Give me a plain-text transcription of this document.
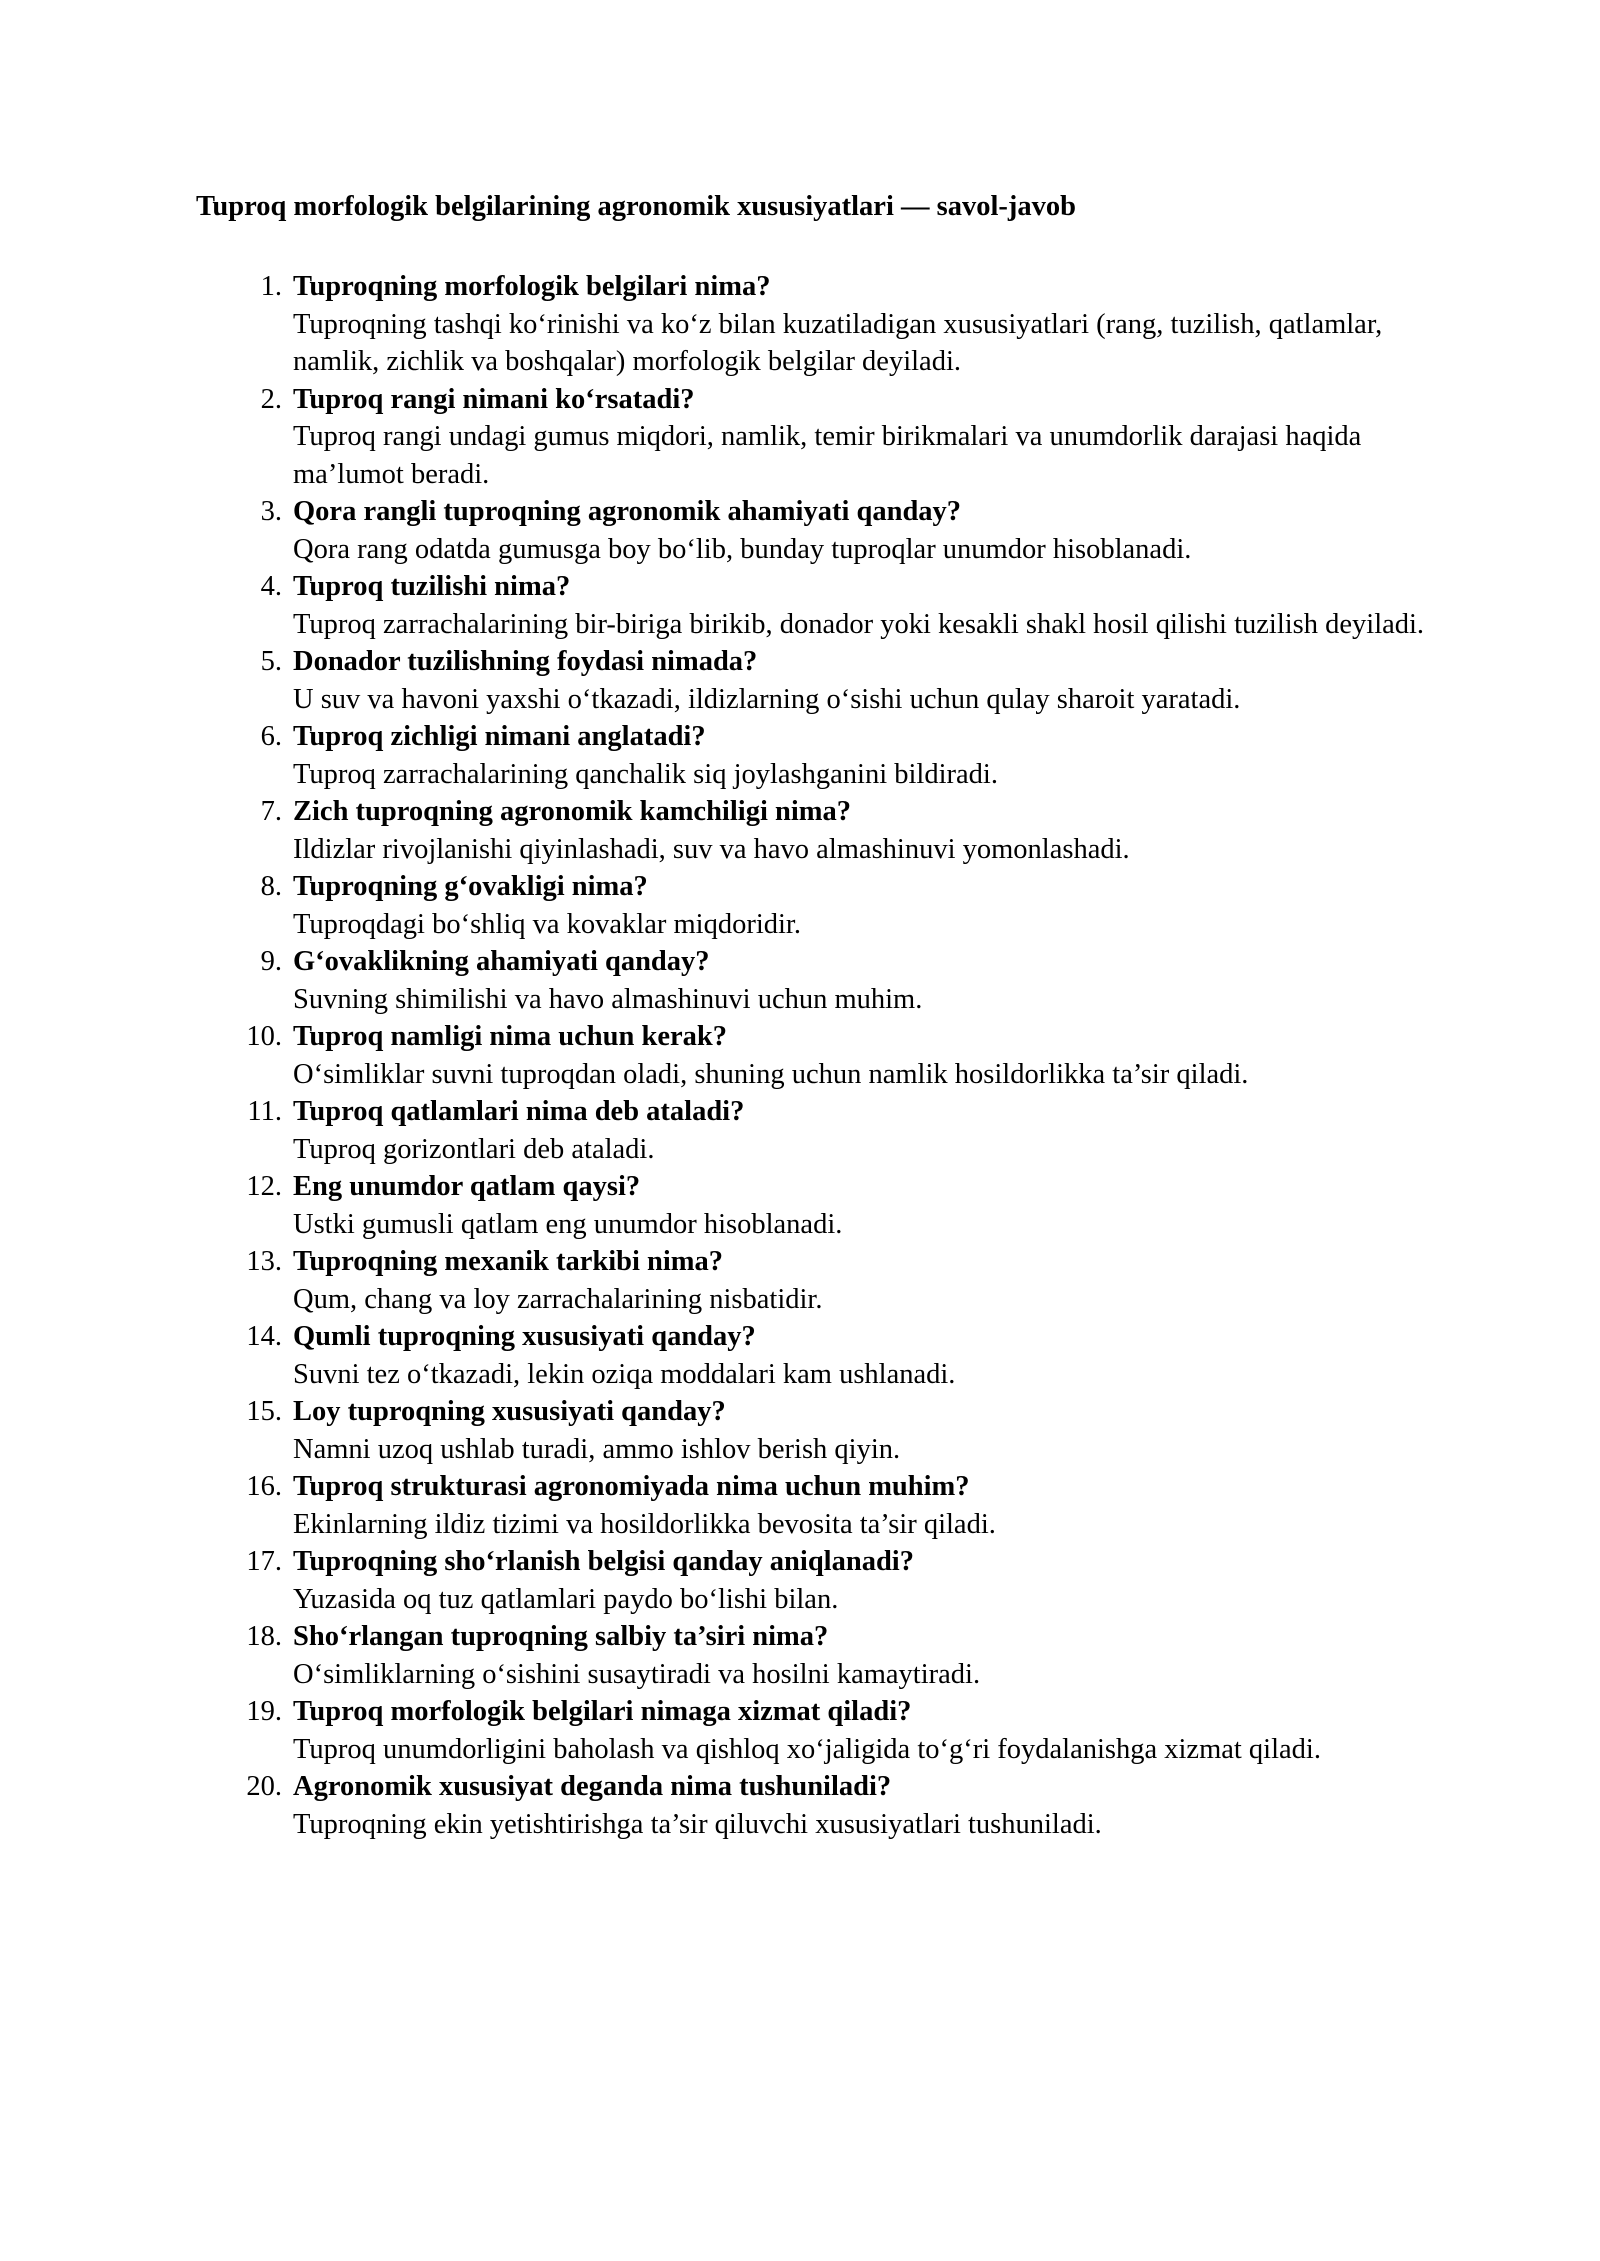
Tuproq morfologik belgilarining agronomik xususiyatlari — savol-javob
1. Tuproqning morfologik belgilari nima?
Tuproqning tashqi ko‘rinishi va ko‘z bilan kuzatiladigan xususiyatlari (rang, tuzilish, qatlamlar, namlik, zichlik va boshqalar) morfologik belgilar deyiladi.
2. Tuproq rangi nimani ko‘rsatadi?
Tuproq rangi undagi gumus miqdori, namlik, temir birikmalari va unumdorlik darajasi haqida ma’lumot beradi.
3. Qora rangli tuproqning agronomik ahamiyati qanday?
Qora rang odatda gumusga boy bo‘lib, bunday tuproqlar unumdor hisoblanadi.
4. Tuproq tuzilishi nima?
Tuproq zarrachalarining bir-biriga birikib, donador yoki kesakli shakl hosil qilishi tuzilish deyiladi.
5. Donador tuzilishning foydasi nimada?
U suv va havoni yaxshi o‘tkazadi, ildizlarning o‘sishi uchun qulay sharoit yaratadi.
6. Tuproq zichligi nimani anglatadi?
Tuproq zarrachalarining qanchalik siq joylashganini bildiradi.
7. Zich tuproqning agronomik kamchiligi nima?
Ildizlar rivojlanishi qiyinlashadi, suv va havo almashinuvi yomonlashadi.
8. Tuproqning g‘ovakligi nima?
Tuproqdagi bo‘shliq va kovaklar miqdoridir.
9. G‘ovaklikning ahamiyati qanday?
Suvning shimilishi va havo almashinuvi uchun muhim.
10. Tuproq namligi nima uchun kerak?
O‘simliklar suvni tuproqdan oladi, shuning uchun namlik hosildorlikka ta’sir qiladi.
11. Tuproq qatlamlari nima deb ataladi?
Tuproq gorizontlari deb ataladi.
12. Eng unumdor qatlam qaysi?
Ustki gumusli qatlam eng unumdor hisoblanadi.
13. Tuproqning mexanik tarkibi nima?
Qum, chang va loy zarrachalarining nisbatidir.
14. Qumli tuproqning xususiyati qanday?
Suvni tez o‘tkazadi, lekin oziqa moddalari kam ushlanadi.
15. Loy tuproqning xususiyati qanday?
Namni uzoq ushlab turadi, ammo ishlov berish qiyin.
16. Tuproq strukturasi agronomiyada nima uchun muhim?
Ekinlarning ildiz tizimi va hosildorlikka bevosita ta’sir qiladi.
17. Tuproqning sho‘rlanish belgisi qanday aniqlanadi?
Yuzasida oq tuz qatlamlari paydo bo‘lishi bilan.
18. Sho‘rlangan tuproqning salbiy ta’siri nima?
O‘simliklarning o‘sishini susaytiradi va hosilni kamaytiradi.
19. Tuproq morfologik belgilari nimaga xizmat qiladi?
Tuproq unumdorligini baholash va qishloq xo‘jaligida to‘g‘ri foydalanishga xizmat qiladi.
20. Agronomik xususiyat deganda nima tushuniladi?
Tuproqning ekin yetishtirishga ta’sir qiluvchi xususiyatlari tushuniladi.
